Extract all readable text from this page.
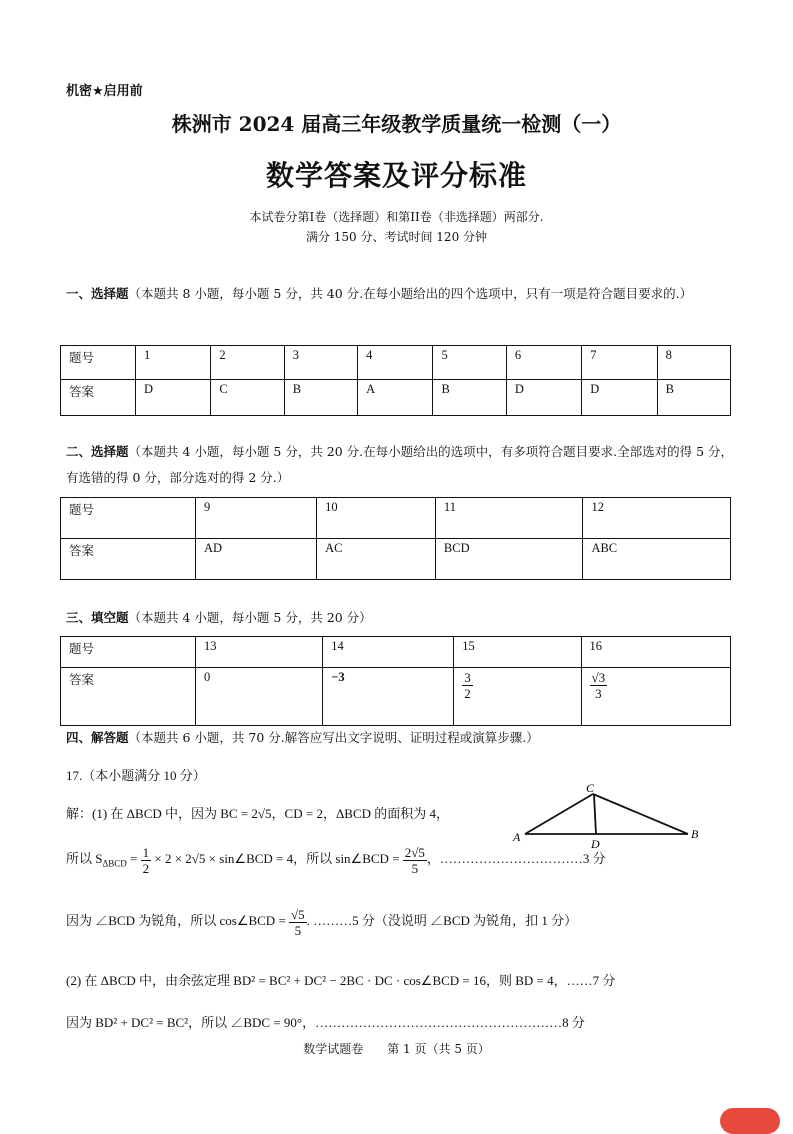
机密★启用前
株洲市 2024 届高三年级教学质量统一检测（一）
数学答案及评分标准
本试卷分第I卷（选择题）和第II卷（非选择题）两部分.
满分 150 分、考试时间 120 分钟
一、选择题（本题共 8 小题，每小题 5 分，共 40 分.在每小题给出的四个选项中，只有一项是符合题目要求的.）
题号	1	2	3	4	5	6	7	8
答案	D	C	B	A	B	D	D	B
二、选择题（本题共 4 小题，每小题 5 分，共 20 分.在每小题给出的选项中，有多项符合题目要求.全部选对的得 5 分，有选错的得 0 分，部分选对的得 2 分.）
题号	9	10	11	12
答案	AD	AC	BCD	ABC
三、填空题（本题共 4 小题，每小题 5 分，共 20 分）
题号	13	14	15	16
答案	0	−3	$\frac{3}{2}$	$\frac{√3}{3}$
四、解答题（本题共 6 小题，共 70 分.解答应写出文字说明、证明过程或演算步骤.）
17.（本小题满分 10 分）
解：(1) 在 ΔBCD 中，因为 BC = 2√5，CD = 2，ΔBCD 的面积为 4，
所以 $S_{\Delta BCD} = \frac{1}{2} \times 2 \times 2√5$ × sin∠BCD = 4，所以 sin∠BCD = $\frac{2√5}{5}$ ，……………………………3 分
因为 ∠BCD 为锐角，所以 cos∠BCD = $\frac{√5}{5}$ . ………5 分（没说明 ∠BCD 为锐角，扣 1 分）
(2) 在 ΔBCD 中，由余弦定理 BD² = BC² + DC² − 2BC · DC · cos∠BCD = 16，则 BD = 4，……7 分
因为 BD² + DC² = BC²，所以 ∠BDC = 90°，…………………………………………………8 分
A	B
C
D
数学试题卷　　第 1 页（共 5 页）
